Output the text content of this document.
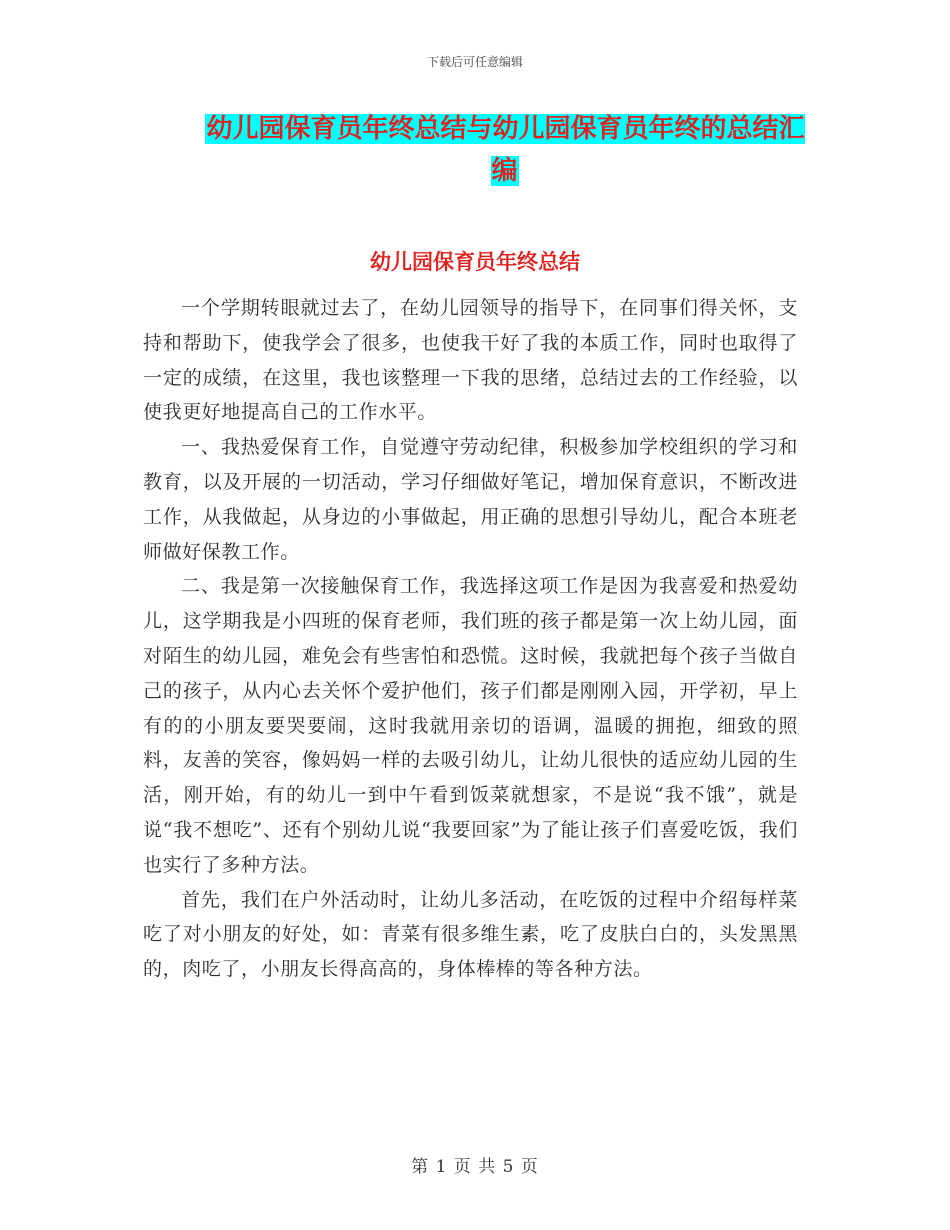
下载后可任意编辑
幼儿园保育员年终总结与幼儿园保育员年终的总结汇编
幼儿园保育员年终总结

一个学期转眼就过去了，在幼儿园领导的指导下，在同事们得关怀，支持和帮助下，使我学会了很多，也使我干好了我的本质工作，同时也取得了一定的成绩，在这里，我也该整理一下我的思绪，总结过去的工作经验，以使我更好地提高自己的工作水平。

一、我热爱保育工作，自觉遵守劳动纪律，积极参加学校组织的学习和教育，以及开展的一切活动，学习仔细做好笔记，增加保育意识，不断改进工作，从我做起，从身边的小事做起，用正确的思想引导幼儿，配合本班老师做好保教工作。

二、我是第一次接触保育工作，我选择这项工作是因为我喜爱和热爱幼儿，这学期我是小四班的保育老师，我们班的孩子都是第一次上幼儿园，面对陌生的幼儿园，难免会有些害怕和恐慌。这时候，我就把每个孩子当做自己的孩子，从内心去关怀个爱护他们，孩子们都是刚刚入园，开学初，早上有的的小朋友要哭要闹，这时我就用亲切的语调，温暖的拥抱，细致的照料，友善的笑容，像妈妈一样的去吸引幼儿，让幼儿很快的适应幼儿园的生活，刚开始，有的幼儿一到中午看到饭菜就想家，不是说“我不饿”，就是说“我不想吃”、还有个别幼儿说“我要回家”为了能让孩子们喜爱吃饭，我们也实行了多种方法。

首先，我们在户外活动时，让幼儿多活动，在吃饭的过程中介绍每样菜吃了对小朋友的好处，如：青菜有很多维生素，吃了皮肤白白的，头发黑黑的，肉吃了，小朋友长得高高的，身体棒棒的等各种方法。

第 1 页 共 5 页
